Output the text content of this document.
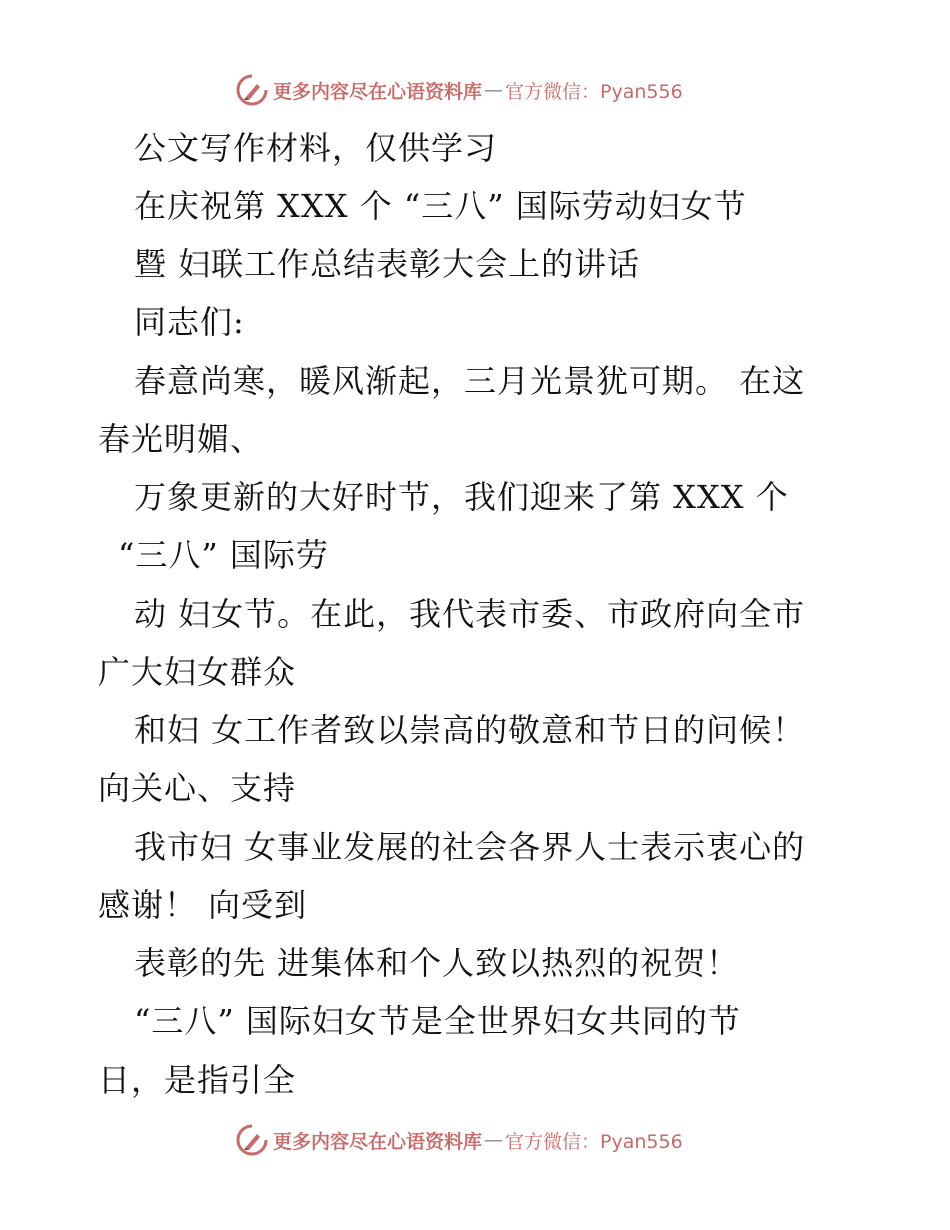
更多内容尽在心语资料库 — 官方微信：Pyan556
公文写作材料，仅供学习
在庆祝第 XXX 个 “三八” 国际劳动妇女节
暨 妇联工作总结表彰大会上的讲话
同志们:
春意尚寒，暖风渐起，三月光景犹可期。 在这
春光明媚、
万象更新的大好时节，我们迎来了第 XXX 个
“三八” 国际劳
动 妇女节。在此，我代表市委、市政府向全市
广大妇女群众
和妇 女工作者致以崇高的敬意和节日的问候！
向关心、支持
我市妇 女事业发展的社会各界人士表示衷心的
感谢！ 向受到
表彰的先 进集体和个人致以热烈的祝贺！
“三八” 国际妇女节是全世界妇女共同的节
日，是指引全
更多内容尽在心语资料库 — 官方微信：Pyan556
